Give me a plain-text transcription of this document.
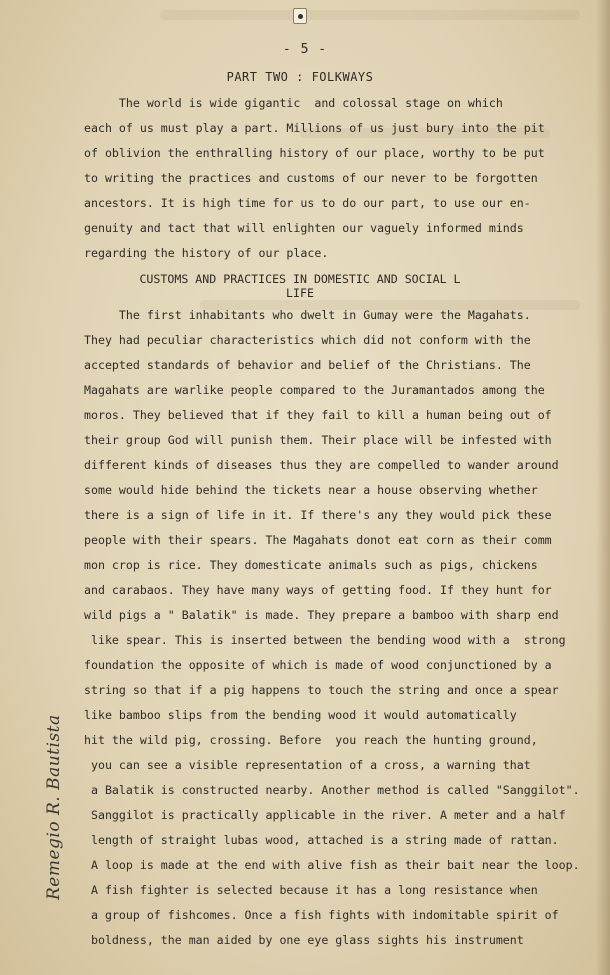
- 5 -
PART TWO : FOLKWAYS
The world is wide gigantic  and colossal stage on which
each of us must play a part. Millions of us just bury into the pit
of oblivion the enthralling history of our place, worthy to be put
to writing the practices and customs of our never to be forgotten
ancestors. It is high time for us to do our part, to use our en-
genuity and tact that will enlighten our vaguely informed minds
regarding the history of our place.
CUSTOMS AND PRACTICES IN DOMESTIC AND SOCIAL L
LIFE
The first inhabitants who dwelt in Gumay were the Magahats.
They had peculiar characteristics which did not conform with the
accepted standards of behavior and belief of the Christians. The
Magahats are warlike people compared to the Juramantados among the
moros. They believed that if they fail to kill a human being out of
their group God will punish them. Their place will be infested with
different kinds of diseases thus they are compelled to wander around
some would hide behind the tickets near a house observing whether
there is a sign of life in it. If there's any they would pick these
people with their spears. The Magahats donot eat corn as their comm
mon crop is rice. They domesticate animals such as pigs, chickens
and carabaos. They have many ways of getting food. If they hunt for
wild pigs a " Balatik" is made. They prepare a bamboo with sharp end
like spear. This is inserted between the bending wood with a  strong
foundation the opposite of which is made of wood conjunctioned by a
string so that if a pig happens to touch the string and once a spear
like bamboo slips from the bending wood it would automatically
hit the wild pig, crossing. Before  you reach the hunting ground,
you can see a visible representation of a cross, a warning that
a Balatik is constructed nearby. Another method is called "Sanggilot".
Sanggilot is practically applicable in the river. A meter and a half
length of straight lubas wood, attached is a string made of rattan.
A loop is made at the end with alive fish as their bait near the loop.
A fish fighter is selected because it has a long resistance when
a group of fishcomes. Once a fish fights with indomitable spirit of
boldness, the man aided by one eye glass sights his instrument
Remegio R. Bautista
